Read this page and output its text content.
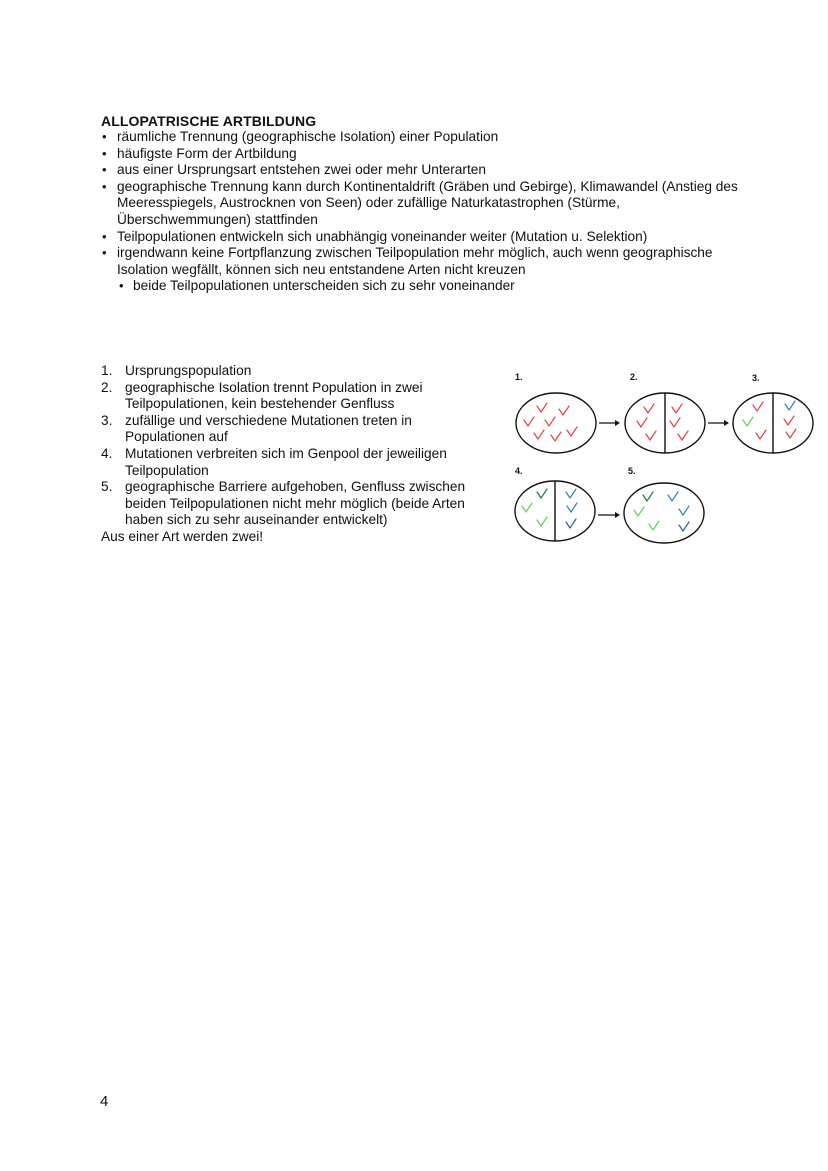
ALLOPATRISCHE ARTBILDUNG
• räumliche Trennung (geographische Isolation) einer Population
• häufigste Form der Artbildung
• aus einer Ursprungsart entstehen zwei oder mehr Unterarten
• geographische Trennung kann durch Kontinentaldrift (Gräben und Gebirge), Klimawandel (Anstieg des Meeresspiegels, Austrocknen von Seen) oder zufällige Naturkatastrophen (Stürme, Überschwemmungen) stattfinden
• Teilpopulationen entwickeln sich unabhängig voneinander weiter (Mutation u. Selektion)
• irgendwann keine Fortpflanzung zwischen Teilpopulation mehr möglich, auch wenn geographische Isolation wegfällt, können sich neu entstandene Arten nicht kreuzen
• beide Teilpopulationen unterscheiden sich zu sehr voneinander
1. Ursprungspopulation
2. geographische Isolation trennt Population in zwei Teilpopulationen, kein bestehender Genfluss
3. zufällige und verschiedene Mutationen treten in Populationen auf
4. Mutationen verbreiten sich im Genpool der jeweiligen Teilpopulation
5. geographische Barriere aufgehoben, Genfluss zwischen beiden Teilpopulationen nicht mehr möglich (beide Arten haben sich zu sehr auseinander entwickelt)
Aus einer Art werden zwei!
1.	2.	3.
4.	5.
4
